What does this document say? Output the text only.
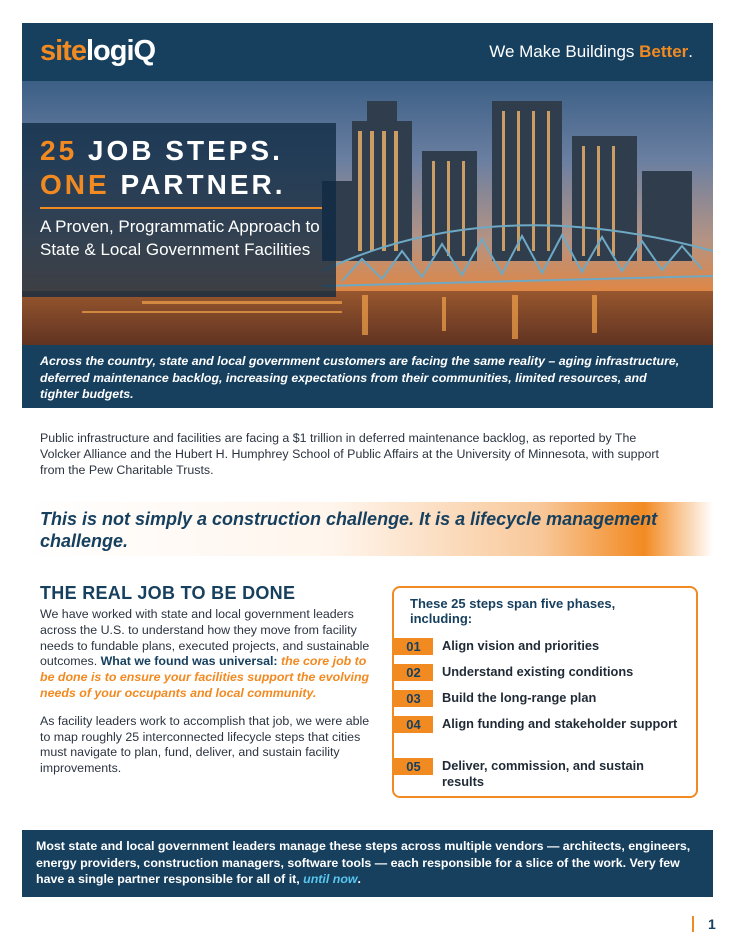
sitelogiQ	We Make Buildings Better.
25 JOB STEPS.
ONE PARTNER.
A Proven, Programmatic Approach to State & Local Government Facilities
Across the country, state and local government customers are facing the same reality – aging infrastructure, deferred maintenance backlog, increasing expectations from their communities, limited resources, and tighter budgets.
Public infrastructure and facilities are facing a $1 trillion in deferred maintenance backlog, as reported by The Volcker Alliance and the Hubert H. Humphrey School of Public Affairs at the University of Minnesota, with support from the Pew Charitable Trusts.
This is not simply a construction challenge. It is a lifecycle management challenge.
THE REAL JOB TO BE DONE

We have worked with state and local government leaders across the U.S. to understand how they move from facility needs to fundable plans, executed projects, and sustainable outcomes. What we found was universal: the core job to be done is to ensure your facilities support the evolving needs of your occupants and local community.

As facility leaders work to accomplish that job, we were able to map roughly 25 interconnected lifecycle steps that cities must navigate to plan, fund, deliver, and sustain facility improvements.

These 25 steps span five phases, including:
01	Align vision and priorities
02	Understand existing conditions
03	Build the long-range plan
04	Align funding and stakeholder support
05	Deliver, commission, and sustain results
Most state and local government leaders manage these steps across multiple vendors — architects, engineers, energy providers, construction managers, software tools — each responsible for a slice of the work. Very few have a single partner responsible for all of it, until now.
1
